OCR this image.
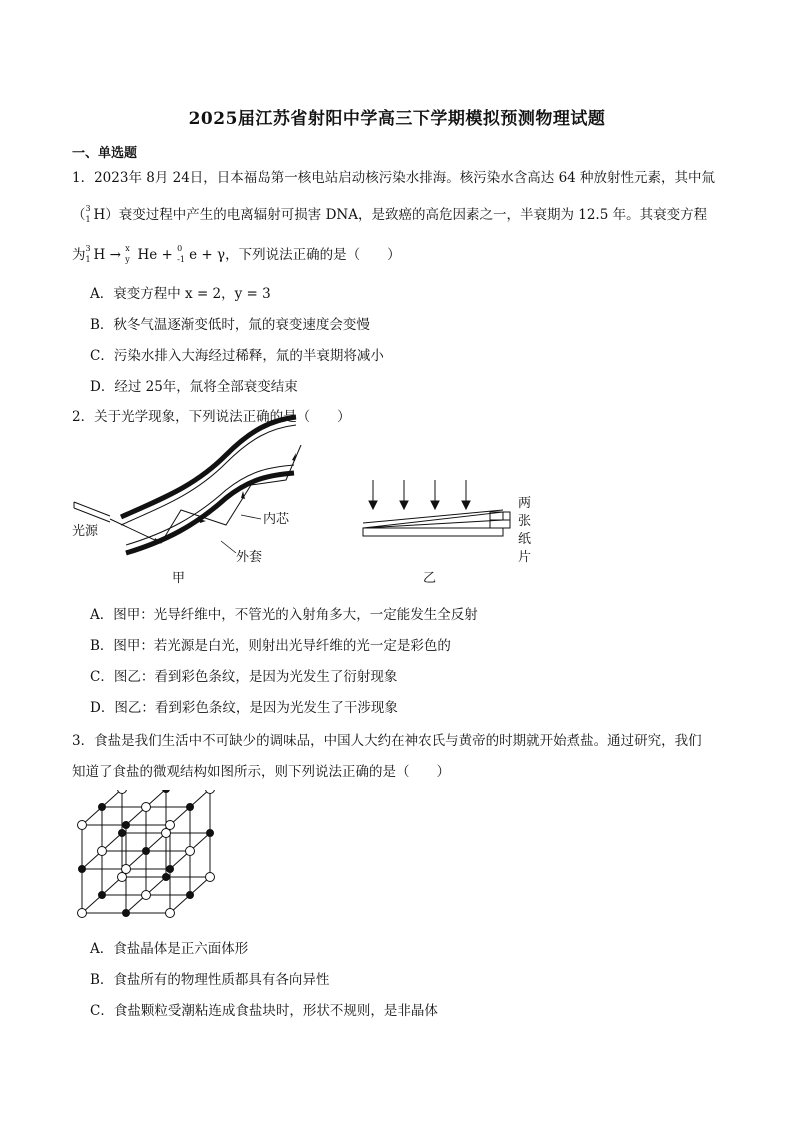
2025届江苏省射阳中学高三下学期模拟预测物理试题
一、单选题
1．2023年 8月 24日，日本福岛第一核电站启动核污染水排海。核污染水含高达 64 种放射性元素，其中氚
（ 3
1 H）衰变过程中产生的电离辐射可损害 DNA，是致癌的高危因素之一，半衰期为 12.5 年。其衰变方程
为 3
1 H → x
y He + 0
-1 e + γ，下列说法正确的是（　　）
A．衰变方程中 x = 2，y = 3
B．秋冬气温逐渐变低时，氚的衰变速度会变慢
C．污染水排入大海经过稀释，氚的半衰期将减小
D．经过 25年，氚将全部衰变结束
2．关于光学现象，下列说法正确的是（　　）
光源
内芯
外套
甲
两
张
纸
片
乙
A．图甲：光导纤维中，不管光的入射角多大，一定能发生全反射
B．图甲：若光源是白光，则射出光导纤维的光一定是彩色的
C．图乙：看到彩色条纹，是因为光发生了衍射现象
D．图乙：看到彩色条纹，是因为光发生了干涉现象
3．食盐是我们生活中不可缺少的调味品，中国人大约在神农氏与黄帝的时期就开始煮盐。通过研究，我们
知道了食盐的微观结构如图所示，则下列说法正确的是（　　）
A．食盐晶体是正六面体形
B．食盐所有的物理性质都具有各向异性
C．食盐颗粒受潮粘连成食盐块时，形状不规则，是非晶体
